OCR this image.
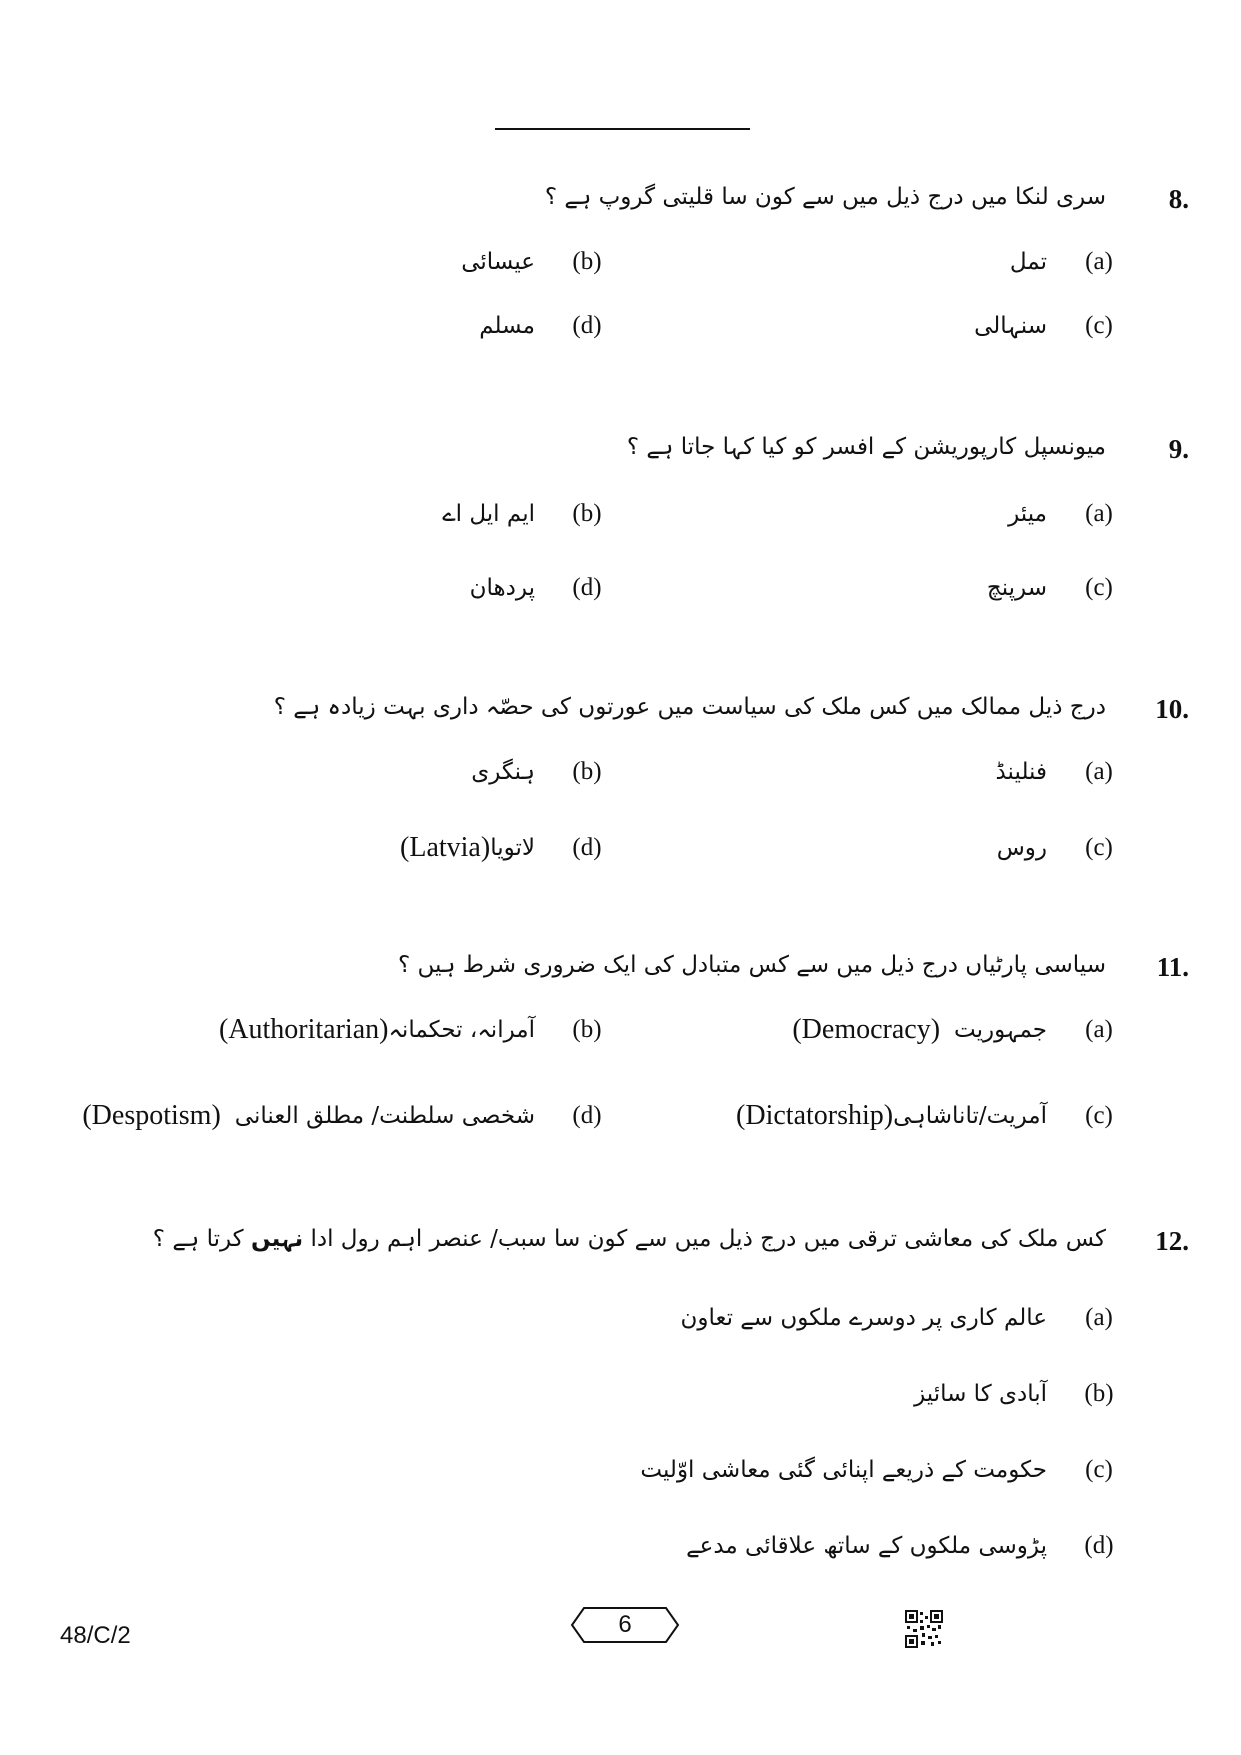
8.
سری لنکا میں درج ذیل میں سے کون سا قلیتی گروپ ہے ؟
(a)
تمل
(b)
عیسائی
(c)
سنہالی
(d)
مسلم
9.
میونسپل کارپوریشن کے افسر کو کیا کہا جاتا ہے ؟
(a)
میئر
(b)
ایم ایل اے
(c)
سرپنچ
(d)
پردھان
10.
درج ذیل ممالک میں کس ملک کی سیاست میں عورتوں کی حصّہ داری بہت زیادہ ہے ؟
(a)
فنلینڈ
(b)
ہنگری
(c)
روس
(d)
لاتویا
(Latvia)
11.
سیاسی پارٹیاں درج ذیل میں سے کس متبادل کی ایک ضروری شرط ہیں ؟
(a)
جمہوریت
(Democracy)
(b)
آمرانہ، تحکمانہ
(Authoritarian)
(c)
آمریت/تاناشاہی
(Dictatorship)
(d)
شخصی سلطنت/ مطلق العنانی
(Despotism)
12.
کس ملک کی معاشی ترقی میں درج ذیل میں سے کون سا سبب/ عنصر اہم رول ادا نہیں کرتا ہے ؟
(a)
عالم کاری پر دوسرے ملکوں سے تعاون
(b)
آبادی کا سائیز
(c)
حکومت کے ذریعے اپنائی گئی معاشی اوّلیت
(d)
پڑوسی ملکوں کے ساتھ علاقائی مدعے
48/C/2	6
